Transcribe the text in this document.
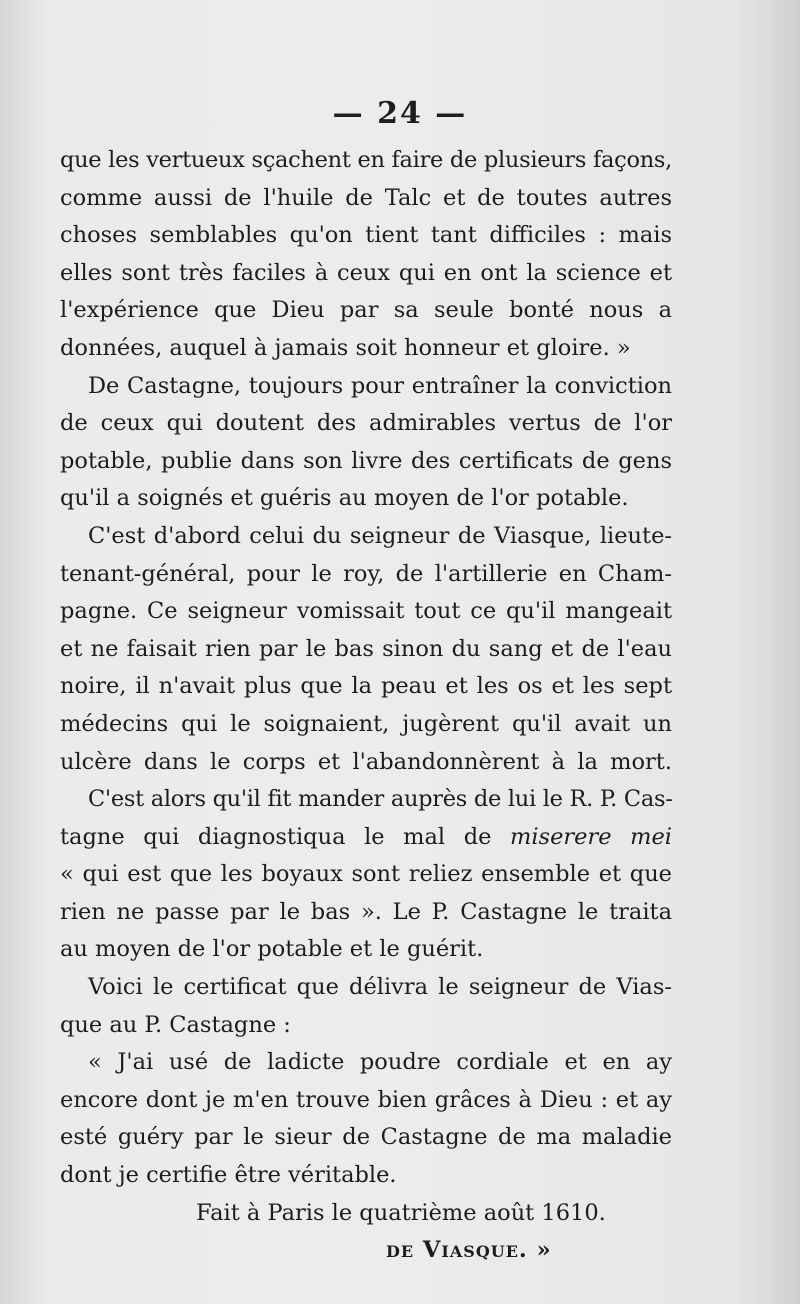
— 24 —
que les vertueux sçachent en faire de plusieurs façons,
comme aussi de l'huile de Talc et de toutes autres
choses semblables qu'on tient tant difficiles : mais
elles sont très faciles à ceux qui en ont la science et
l'expérience que Dieu par sa seule bonté nous a
données, auquel à jamais soit honneur et gloire. »
De Castagne, toujours pour entraîner la conviction
de ceux qui doutent des admirables vertus de l'or
potable, publie dans son livre des certificats de gens
qu'il a soignés et guéris au moyen de l'or potable.
C'est d'abord celui du seigneur de Viasque, lieute-
tenant-général, pour le roy, de l'artillerie en Cham-
pagne. Ce seigneur vomissait tout ce qu'il mangeait
et ne faisait rien par le bas sinon du sang et de l'eau
noire, il n'avait plus que la peau et les os et les sept
médecins qui le soignaient, jugèrent qu'il avait un
ulcère dans le corps et l'abandonnèrent à la mort.
C'est alors qu'il fit mander auprès de lui le R. P. Cas-
tagne qui diagnostiqua le mal de miserere mei
« qui est que les boyaux sont reliez ensemble et que
rien ne passe par le bas ». Le P. Castagne le traita
au moyen de l'or potable et le guérit.
Voici le certificat que délivra le seigneur de Vias-
que au P. Castagne :
« J'ai usé de ladicte poudre cordiale et en ay
encore dont je m'en trouve bien grâces à Dieu : et ay
esté guéry par le sieur de Castagne de ma maladie
dont je certifie être véritable.
Fait à Paris le quatrième août 1610.
de Viasque. »
